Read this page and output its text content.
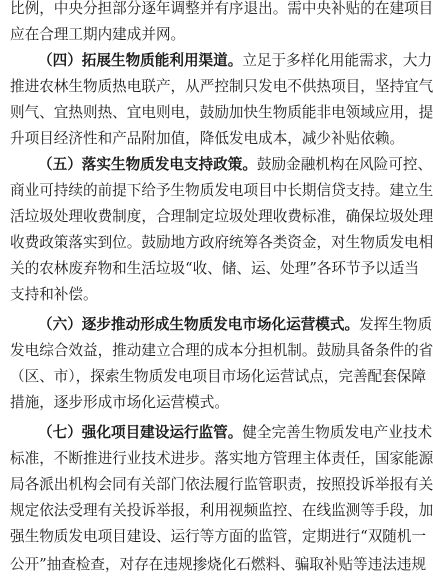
比例，中央分担部分逐年调整并有序退出。需中央补贴的在建项目
应在合理工期内建成并网。
（四）拓展生物质能利用渠道。立足于多样化用能需求，大力
推进农林生物质热电联产，从严控制只发电不供热项目，坚持宜气
则气、宜热则热、宜电则电，鼓励加快生物质能非电领域应用，提
升项目经济性和产品附加值，降低发电成本，减少补贴依赖。
（五）落实生物质发电支持政策。鼓励金融机构在风险可控、
商业可持续的前提下给予生物质发电项目中长期信贷支持。建立生
活垃圾处理收费制度，合理制定垃圾处理收费标准，确保垃圾处理
收费政策落实到位。鼓励地方政府统筹各类资金，对生物质发电相
关的农林废弃物和生活垃圾“收、储、运、处理”各环节予以适当
支持和补偿。
（六）逐步推动形成生物质发电市场化运营模式。发挥生物质
发电综合效益，推动建立合理的成本分担机制。鼓励具备条件的省
（区、市），探索生物质发电项目市场化运营试点，完善配套保障
措施，逐步形成市场化运营模式。
（七）强化项目建设运行监管。健全完善生物质发电产业技术
标准，不断推进行业技术进步。落实地方管理主体责任，国家能源
局各派出机构会同有关部门依法履行监管职责，按照投诉举报有关
规定依法受理有关投诉举报，利用视频监控、在线监测等手段，加
强生物质发电项目建设、运行等方面的监管，定期进行“双随机一
公开”抽查检查，对存在违规掺烧化石燃料、骗取补贴等违法违规
